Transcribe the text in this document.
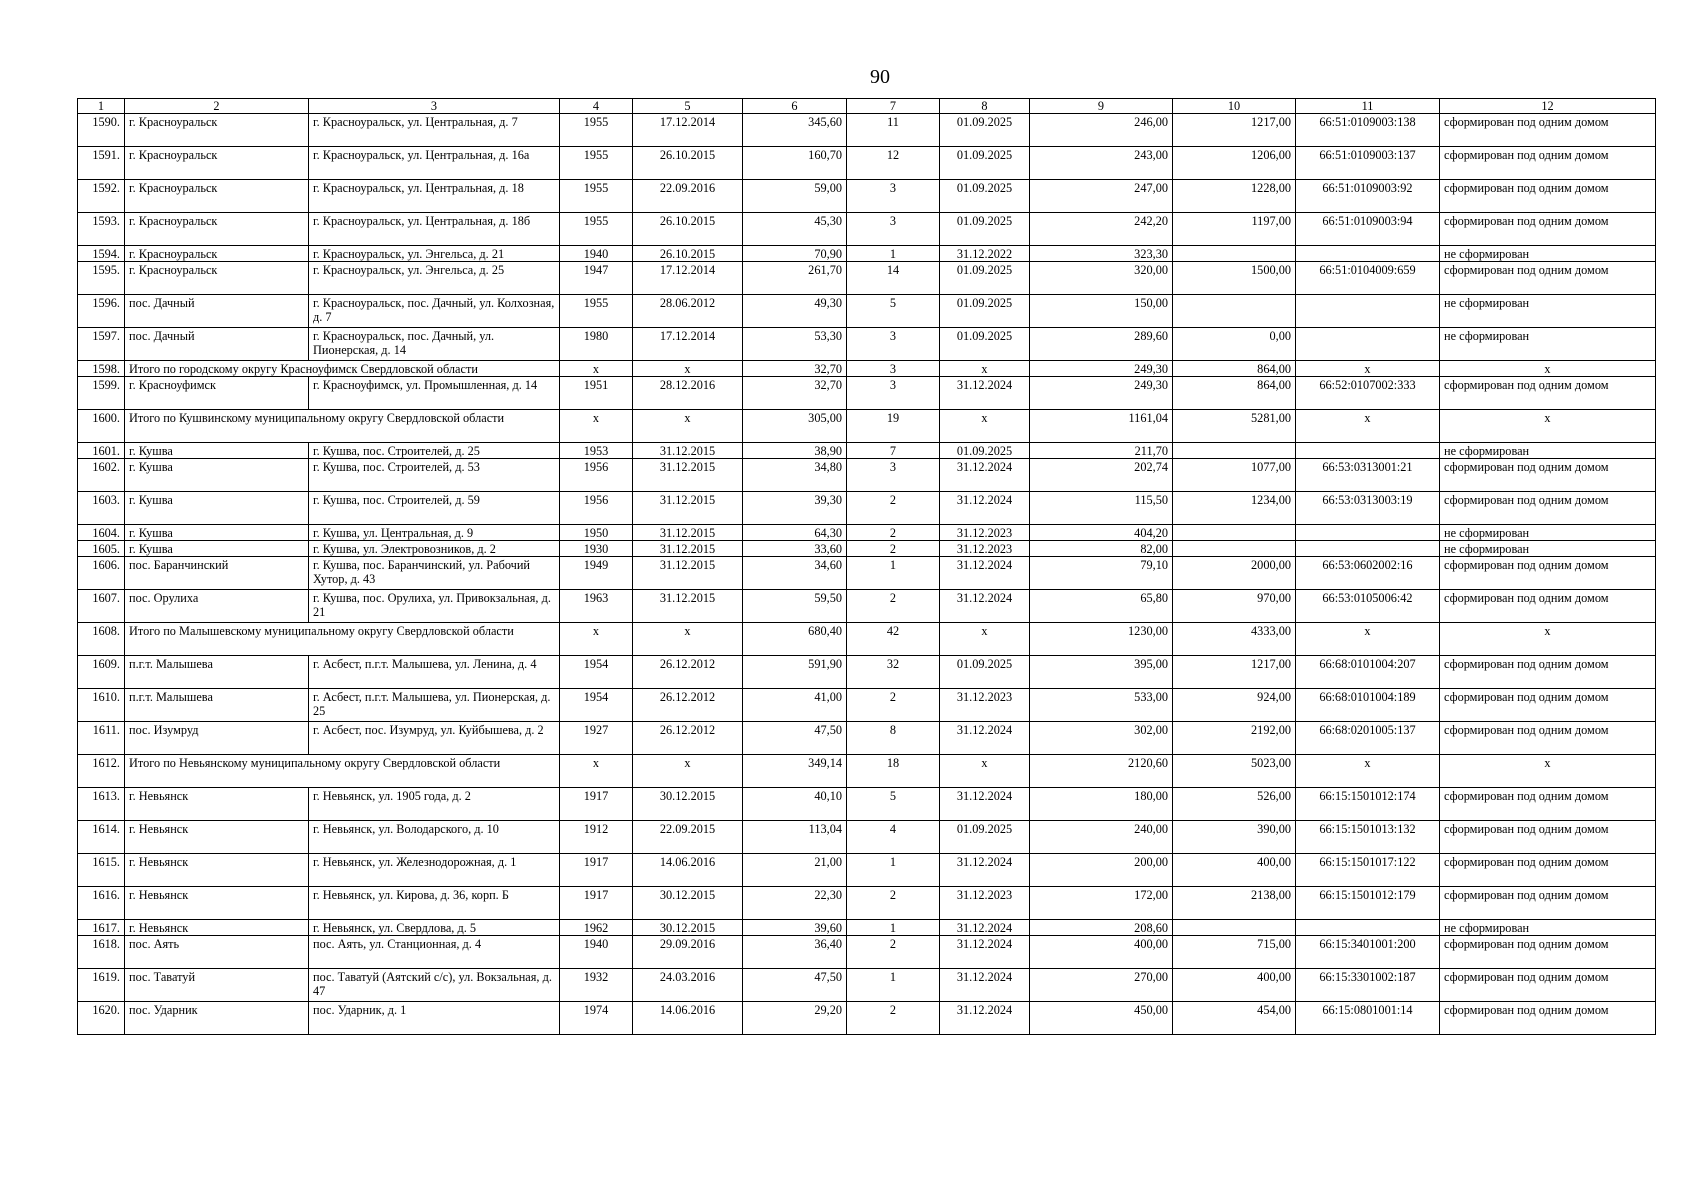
90
1	2	3	4	5	6	7	8	9	10	11	12
1590.	г. Красноуральск	г. Красноуральск, ул. Центральная, д. 7	1955	17.12.2014	345,60	11	01.09.2025	246,00	1217,00	66:51:0109003:138	сформирован под одним домом
1591.	г. Красноуральск	г. Красноуральск, ул. Центральная, д. 16а	1955	26.10.2015	160,70	12	01.09.2025	243,00	1206,00	66:51:0109003:137	сформирован под одним домом
1592.	г. Красноуральск	г. Красноуральск, ул. Центральная, д. 18	1955	22.09.2016	59,00	3	01.09.2025	247,00	1228,00	66:51:0109003:92	сформирован под одним домом
1593.	г. Красноуральск	г. Красноуральск, ул. Центральная, д. 18б	1955	26.10.2015	45,30	3	01.09.2025	242,20	1197,00	66:51:0109003:94	сформирован под одним домом
1594.	г. Красноуральск	г. Красноуральск, ул. Энгельса, д. 21	1940	26.10.2015	70,90	1	31.12.2022	323,30			не сформирован
1595.	г. Красноуральск	г. Красноуральск, ул. Энгельса, д. 25	1947	17.12.2014	261,70	14	01.09.2025	320,00	1500,00	66:51:0104009:659	сформирован под одним домом
1596.	пос. Дачный	г. Красноуральск, пос. Дачный, ул. Колхозная, д. 7	1955	28.06.2012	49,30	5	01.09.2025	150,00			не сформирован
1597.	пос. Дачный	г. Красноуральск, пос. Дачный, ул. Пионерская, д. 14	1980	17.12.2014	53,30	3	01.09.2025	289,60	0,00		не сформирован
1598.	Итого по городскому округу Красноуфимск Свердловской области		х	х	32,70	3	х	249,30	864,00	х	х
1599.	г. Красноуфимск	г. Красноуфимск, ул. Промышленная, д. 14	1951	28.12.2016	32,70	3	31.12.2024	249,30	864,00	66:52:0107002:333	сформирован под одним домом
1600.	Итого по Кушвинскому муниципальному округу Свердловской области		х	х	305,00	19	х	1161,04	5281,00	х	х
1601.	г. Кушва	г. Кушва, пос. Строителей, д. 25	1953	31.12.2015	38,90	7	01.09.2025	211,70			не сформирован
1602.	г. Кушва	г. Кушва, пос. Строителей, д. 53	1956	31.12.2015	34,80	3	31.12.2024	202,74	1077,00	66:53:0313001:21	сформирован под одним домом
1603.	г. Кушва	г. Кушва, пос. Строителей, д. 59	1956	31.12.2015	39,30	2	31.12.2024	115,50	1234,00	66:53:0313003:19	сформирован под одним домом
1604.	г. Кушва	г. Кушва, ул. Центральная, д. 9	1950	31.12.2015	64,30	2	31.12.2023	404,20			не сформирован
1605.	г. Кушва	г. Кушва, ул. Электровозников, д. 2	1930	31.12.2015	33,60	2	31.12.2023	82,00			не сформирован
1606.	пос. Баранчинский	г. Кушва, пос. Баранчинский, ул. Рабочий Хутор, д. 43	1949	31.12.2015	34,60	1	31.12.2024	79,10	2000,00	66:53:0602002:16	сформирован под одним домом
1607.	пос. Орулиха	г. Кушва, пос. Орулиха, ул. Привокзальная, д. 21	1963	31.12.2015	59,50	2	31.12.2024	65,80	970,00	66:53:0105006:42	сформирован под одним домом
1608.	Итого по Малышевскому муниципальному округу Свердловской области		х	х	680,40	42	х	1230,00	4333,00	х	х
1609.	п.г.т. Малышева	г. Асбест, п.г.т. Малышева, ул. Ленина, д. 4	1954	26.12.2012	591,90	32	01.09.2025	395,00	1217,00	66:68:0101004:207	сформирован под одним домом
1610.	п.г.т. Малышева	г. Асбест, п.г.т. Малышева, ул. Пионерская, д. 25	1954	26.12.2012	41,00	2	31.12.2023	533,00	924,00	66:68:0101004:189	сформирован под одним домом
1611.	пос. Изумруд	г. Асбест, пос. Изумруд, ул. Куйбышева, д. 2	1927	26.12.2012	47,50	8	31.12.2024	302,00	2192,00	66:68:0201005:137	сформирован под одним домом
1612.	Итого по Невьянскому муниципальному округу Свердловской области		х	х	349,14	18	х	2120,60	5023,00	х	х
1613.	г. Невьянск	г. Невьянск, ул. 1905 года, д. 2	1917	30.12.2015	40,10	5	31.12.2024	180,00	526,00	66:15:1501012:174	сформирован под одним домом
1614.	г. Невьянск	г. Невьянск, ул. Володарского, д. 10	1912	22.09.2015	113,04	4	01.09.2025	240,00	390,00	66:15:1501013:132	сформирован под одним домом
1615.	г. Невьянск	г. Невьянск, ул. Железнодорожная, д. 1	1917	14.06.2016	21,00	1	31.12.2024	200,00	400,00	66:15:1501017:122	сформирован под одним домом
1616.	г. Невьянск	г. Невьянск, ул. Кирова, д. 36, корп. Б	1917	30.12.2015	22,30	2	31.12.2023	172,00	2138,00	66:15:1501012:179	сформирован под одним домом
1617.	г. Невьянск	г. Невьянск, ул. Свердлова, д. 5	1962	30.12.2015	39,60	1	31.12.2024	208,60			не сформирован
1618.	пос. Аять	пос. Аять, ул. Станционная, д. 4	1940	29.09.2016	36,40	2	31.12.2024	400,00	715,00	66:15:3401001:200	сформирован под одним домом
1619.	пос. Таватуй	пос. Таватуй (Аятский с/с), ул. Вокзальная, д. 47	1932	24.03.2016	47,50	1	31.12.2024	270,00	400,00	66:15:3301002:187	сформирован под одним домом
1620.	пос. Ударник	пос. Ударник, д. 1	1974	14.06.2016	29,20	2	31.12.2024	450,00	454,00	66:15:0801001:14	сформирован под одним домом
